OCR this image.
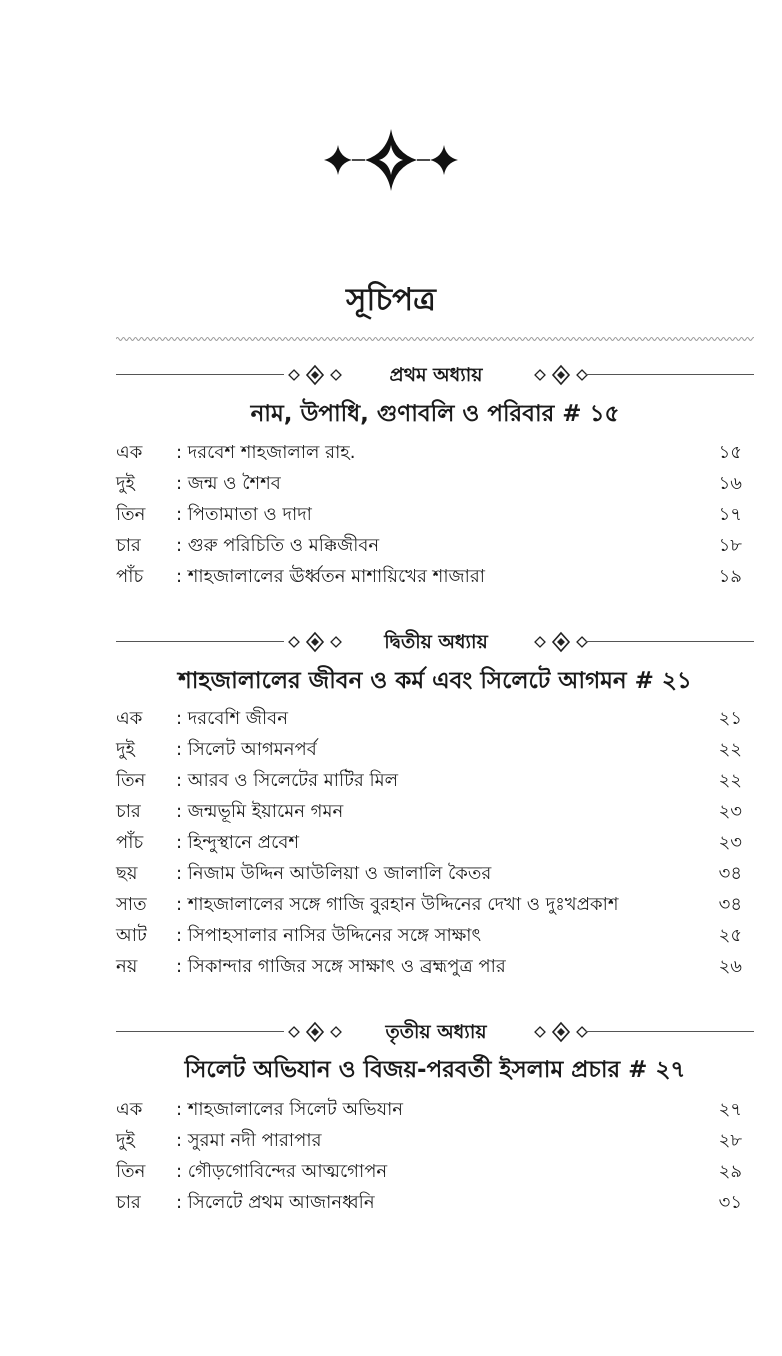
সূচিপত্র
প্রথম অধ্যায়
নাম, উপাধি, গুণাবলি ও পরিবার # ১৫
এক : দরবেশ শাহজালাল রাহ.	১৫
দুই : জন্ম ও শৈশব	১৬
তিন : পিতামাতা ও দাদা	১৭
চার : গুরু পরিচিতি ও মক্কিজীবন	১৮
পাঁচ : শাহজালালের ঊর্ধ্বতন মাশায়িখের শাজারা	১৯
দ্বিতীয় অধ্যায়
শাহজালালের জীবন ও কর্ম এবং সিলেটে আগমন # ২১
এক : দরবেশি জীবন	২১
দুই : সিলেট আগমনপর্ব	২২
তিন : আরব ও সিলেটের মাটির মিল	২২
চার : জন্মভূমি ইয়ামেন গমন	২৩
পাঁচ : হিন্দুস্থানে প্রবেশ	২৩
ছয় : নিজাম উদ্দিন আউলিয়া ও জালালি কৈতর	৩৪
সাত : শাহজালালের সঙ্গে গাজি বুরহান উদ্দিনের দেখা ও দুঃখপ্রকাশ	৩৪
আট : সিপাহসালার নাসির উদ্দিনের সঙ্গে সাক্ষাৎ	২৫
নয় : সিকান্দার গাজির সঙ্গে সাক্ষাৎ ও ব্রহ্মপুত্র পার	২৬
তৃতীয় অধ্যায়
সিলেট অভিযান ও বিজয়-পরবর্তী ইসলাম প্রচার # ২৭
এক : শাহজালালের সিলেট অভিযান	২৭
দুই : সুরমা নদী পারাপার	২৮
তিন : গৌড়গোবিন্দের আত্মগোপন	২৯
চার : সিলেটে প্রথম আজানধ্বনি	৩১
